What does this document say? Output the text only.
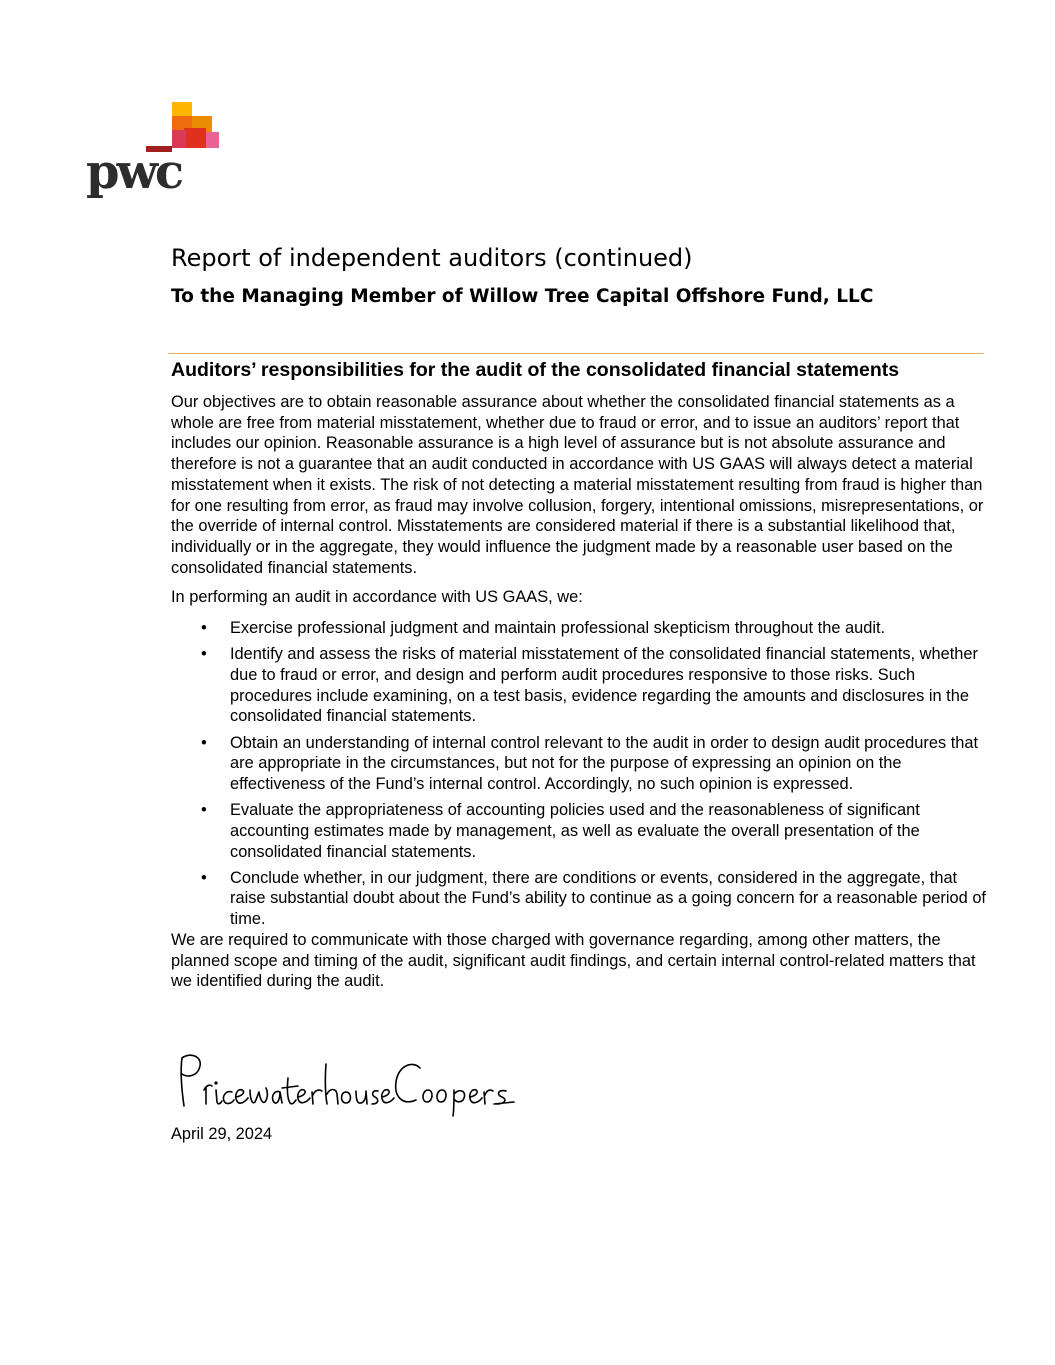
pwc
Report of independent auditors (continued)
To the Managing Member of Willow Tree Capital Offshore Fund, LLC
Auditors’ responsibilities for the audit of the consolidated financial statements

Our objectives are to obtain reasonable assurance about whether the consolidated financial statements as a whole are free from material misstatement, whether due to fraud or error, and to issue an auditors’ report that includes our opinion. Reasonable assurance is a high level of assurance but is not absolute assurance and therefore is not a guarantee that an audit conducted in accordance with US GAAS will always detect a material misstatement when it exists. The risk of not detecting a material misstatement resulting from fraud is higher than for one resulting from error, as fraud may involve collusion, forgery, intentional omissions, misrepresentations, or the override of internal control. Misstatements are considered material if there is a substantial likelihood that, individually or in the aggregate, they would influence the judgment made by a reasonable user based on the consolidated financial statements.

In performing an audit in accordance with US GAAS, we:

• Exercise professional judgment and maintain professional skepticism throughout the audit.
• Identify and assess the risks of material misstatement of the consolidated financial statements, whether due to fraud or error, and design and perform audit procedures responsive to those risks. Such procedures include examining, on a test basis, evidence regarding the amounts and disclosures in the consolidated financial statements.
• Obtain an understanding of internal control relevant to the audit in order to design audit procedures that are appropriate in the circumstances, but not for the purpose of expressing an opinion on the effectiveness of the Fund’s internal control. Accordingly, no such opinion is expressed.
• Evaluate the appropriateness of accounting policies used and the reasonableness of significant accounting estimates made by management, as well as evaluate the overall presentation of the consolidated financial statements.
• Conclude whether, in our judgment, there are conditions or events, considered in the aggregate, that raise substantial doubt about the Fund’s ability to continue as a going concern for a reasonable period of time.

We are required to communicate with those charged with governance regarding, among other matters, the planned scope and timing of the audit, significant audit findings, and certain internal control-related matters that we identified during the audit.

April 29, 2024
